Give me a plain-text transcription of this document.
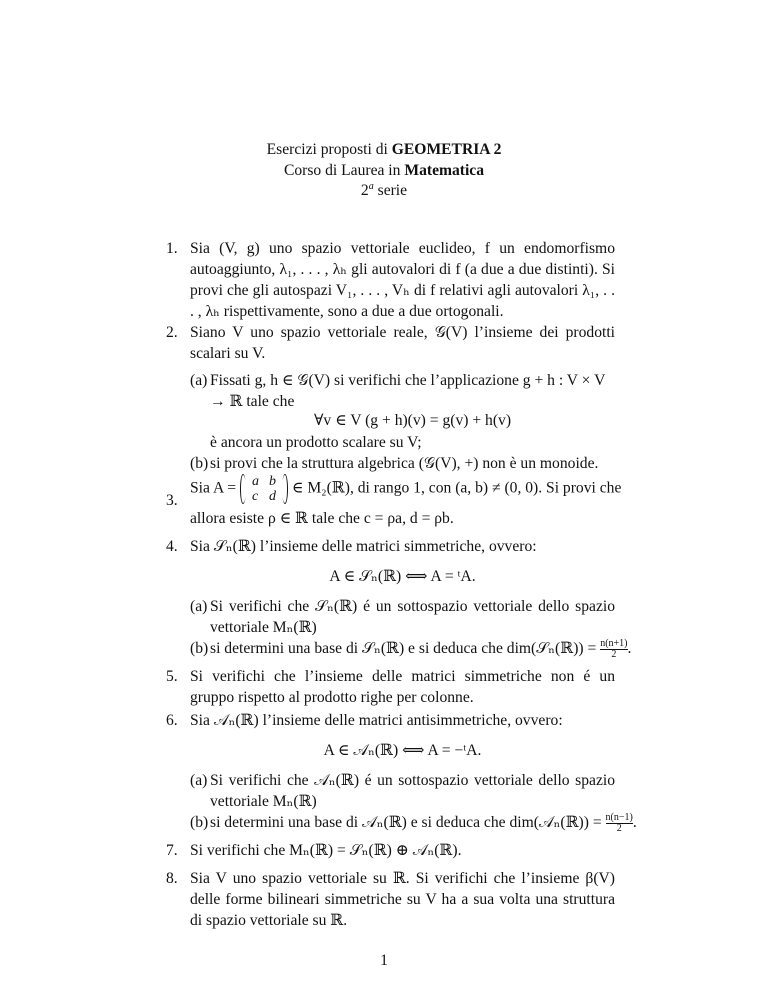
Esercizi proposti di GEOMETRIA 2
Corso di Laurea in Matematica
2$^a$ serie
1. Sia (V, g) uno spazio vettoriale euclideo, f un endomorfismo autoaggiunto, λ₁, . . . , λₕ gli autovalori di f (a due a due distinti). Si provi che gli autospazi V₁, . . . , Vₕ di f relativi agli autovalori λ₁, . . . , λₕ rispettivamente, sono a due a due ortogonali.
2. Siano V uno spazio vettoriale reale, 𝒢(V) l’insieme dei prodotti scalari su V.
(a) Fissati g, h ∈ 𝒢(V) si verifichi che l’applicazione g + h : V × V → ℝ tale che
∀v ∈ V (g + h)(v) = g(v) + h(v)
è ancora un prodotto scalare su V;
(b) si provi che la struttura algebrica (𝒢(V), +) non è un monoide.
3.
Sia A = a	b
c	d ∈ M₂(ℝ), di rango 1, con (a, b) ≠ (0, 0). Si provi che
allora esiste ρ ∈ ℝ tale che c = ρa, d = ρb.
4. Sia 𝒮ₙ(ℝ) l’insieme delle matrici simmetriche, ovvero:
A ∈ 𝒮ₙ(ℝ) ⟺ A = ᵗA.
(a) Si verifichi che 𝒮ₙ(ℝ) é un sottospazio vettoriale dello spazio vettoriale Mₙ(ℝ)
(b) si determini una base di 𝒮ₙ(ℝ) e si deduca che dim(𝒮ₙ(ℝ)) = $\frac{n(n+1)}{2}$ .
5. Si verifichi che l’insieme delle matrici simmetriche non é un gruppo rispetto al prodotto righe per colonne.
6. Sia 𝒜ₙ(ℝ) l’insieme delle matrici antisimmetriche, ovvero:
A ∈ 𝒜ₙ(ℝ) ⟺ A = −ᵗA.
(a) Si verifichi che 𝒜ₙ(ℝ) é un sottospazio vettoriale dello spazio vettoriale Mₙ(ℝ)
(b) si determini una base di 𝒜ₙ(ℝ) e si deduca che dim(𝒜ₙ(ℝ)) = $\frac{n(n-1)}{2}$ .
7. Si verifichi che Mₙ(ℝ) = 𝒮ₙ(ℝ) ⊕ 𝒜ₙ(ℝ).
8. Sia V uno spazio vettoriale su ℝ. Si verifichi che l’insieme β(V) delle forme bilineari simmetriche su V ha a sua volta una struttura di spazio vettoriale su ℝ.
1
